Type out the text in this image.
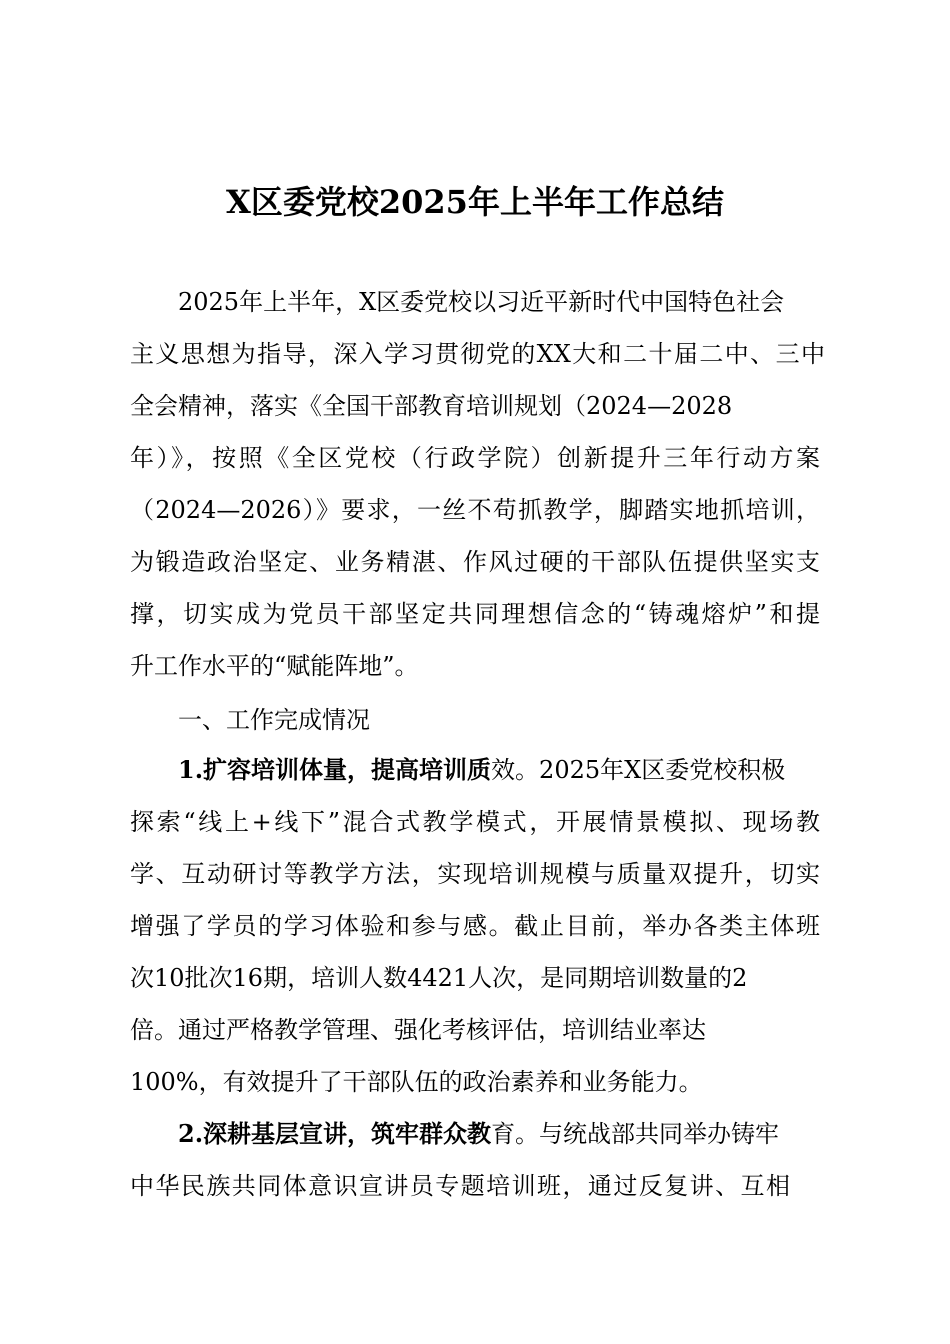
X区委党校2025年上半年工作总结
2025年上半年，X区委党校以习近平新时代中国特色社会
主义思想为指导，深入学习贯彻党的XX大和二十届二中、三中
全会精神，落实《全国干部教育培训规划（2024—2028
年）》，按照《全区党校（行政学院）创新提升三年行动方案
（2024—2026）》要求，一丝不苟抓教学，脚踏实地抓培训，
为锻造政治坚定、业务精湛、作风过硬的干部队伍提供坚实支
撑，切实成为党员干部坚定共同理想信念的“铸魂熔炉”和提
升工作水平的“赋能阵地”。
一、工作完成情况
1.扩容培训体量，提高培训质效。2025年X区委党校积极
探索“线上+线下”混合式教学模式，开展情景模拟、现场教
学、互动研讨等教学方法，实现培训规模与质量双提升，切实
增强了学员的学习体验和参与感。截止目前，举办各类主体班
次10批次16期，培训人数4421人次，是同期培训数量的2
倍。通过严格教学管理、强化考核评估，培训结业率达
100%，有效提升了干部队伍的政治素养和业务能力。
2.深耕基层宣讲，筑牢群众教育。与统战部共同举办铸牢
中华民族共同体意识宣讲员专题培训班，通过反复讲、互相
